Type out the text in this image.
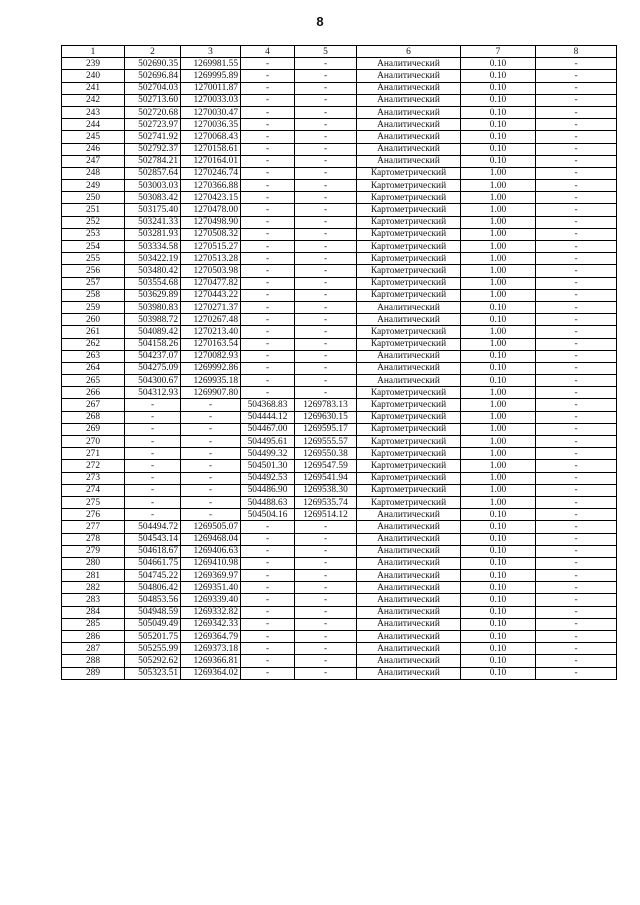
8
1	2	3	4	5	6	7	8
239	502690.35	1269981.55	-	-	Аналитический	0.10	-
240	502696.84	1269995.89	-	-	Аналитический	0.10	-
241	502704.03	1270011.87	-	-	Аналитический	0.10	-
242	502713.60	1270033.03	-	-	Аналитический	0.10	-
243	502720.68	1270030.47	-	-	Аналитический	0.10	-
244	502723.97	1270036.35	-	-	Аналитический	0.10	-
245	502741.92	1270068.43	-	-	Аналитический	0.10	-
246	502792.37	1270158.61	-	-	Аналитический	0.10	-
247	502784.21	1270164.01	-	-	Аналитический	0.10	-
248	502857.64	1270246.74	-	-	Картометрический	1.00	-
249	503003.03	1270366.88	-	-	Картометрический	1.00	-
250	503083.42	1270423.15	-	-	Картометрический	1.00	-
251	503175.40	1270478.00	-	-	Картометрический	1.00	-
252	503241.33	1270498.90	-	-	Картометрический	1.00	-
253	503281.93	1270508.32	-	-	Картометрический	1.00	-
254	503334.58	1270515.27	-	-	Картометрический	1.00	-
255	503422.19	1270513.28	-	-	Картометрический	1.00	-
256	503480.42	1270503.98	-	-	Картометрический	1.00	-
257	503554.68	1270477.82	-	-	Картометрический	1.00	-
258	503629.89	1270443.22	-	-	Картометрический	1.00	-
259	503980.83	1270271.37	-	-	Аналитический	0.10	-
260	503988.72	1270267.48	-	-	Аналитический	0.10	-
261	504089.42	1270213.40	-	-	Картометрический	1.00	-
262	504158.26	1270163.54	-	-	Картометрический	1.00	-
263	504237.07	1270082.93	-	-	Аналитический	0.10	-
264	504275.09	1269992.86	-	-	Аналитический	0.10	-
265	504300.67	1269935.18	-	-	Аналитический	0.10	-
266	504312.93	1269907.80	-	-	Картометрический	1.00	-
267	-	-	504368.83	1269783.13	Картометрический	1.00	-
268	-	-	504444.12	1269630.15	Картометрический	1.00	-
269	-	-	504467.00	1269595.17	Картометрический	1.00	-
270	-	-	504495.61	1269555.57	Картометрический	1.00	-
271	-	-	504499.32	1269550.38	Картометрический	1.00	-
272	-	-	504501.30	1269547.59	Картометрический	1.00	-
273	-	-	504492.53	1269541.94	Картометрический	1.00	-
274	-	-	504486.90	1269538.30	Картометрический	1.00	-
275	-	-	504488.63	1269535.74	Картометрический	1.00	-
276	-	-	504504.16	1269514.12	Аналитический	0.10	-
277	504494.72	1269505.07	-	-	Аналитический	0.10	-
278	504543.14	1269468.04	-	-	Аналитический	0.10	-
279	504618.67	1269406.63	-	-	Аналитический	0.10	-
280	504661.75	1269410.98	-	-	Аналитический	0.10	-
281	504745.22	1269369.97	-	-	Аналитический	0.10	-
282	504806.42	1269351.40	-	-	Аналитический	0.10	-
283	504853.56	1269339.40	-	-	Аналитический	0.10	-
284	504948.59	1269332.82	-	-	Аналитический	0.10	-
285	505049.49	1269342.33	-	-	Аналитический	0.10	-
286	505201.75	1269364.79	-	-	Аналитический	0.10	-
287	505255.99	1269373.18	-	-	Аналитический	0.10	-
288	505292.62	1269366.81	-	-	Аналитический	0.10	-
289	505323.51	1269364.02	-	-	Аналитический	0.10	-
